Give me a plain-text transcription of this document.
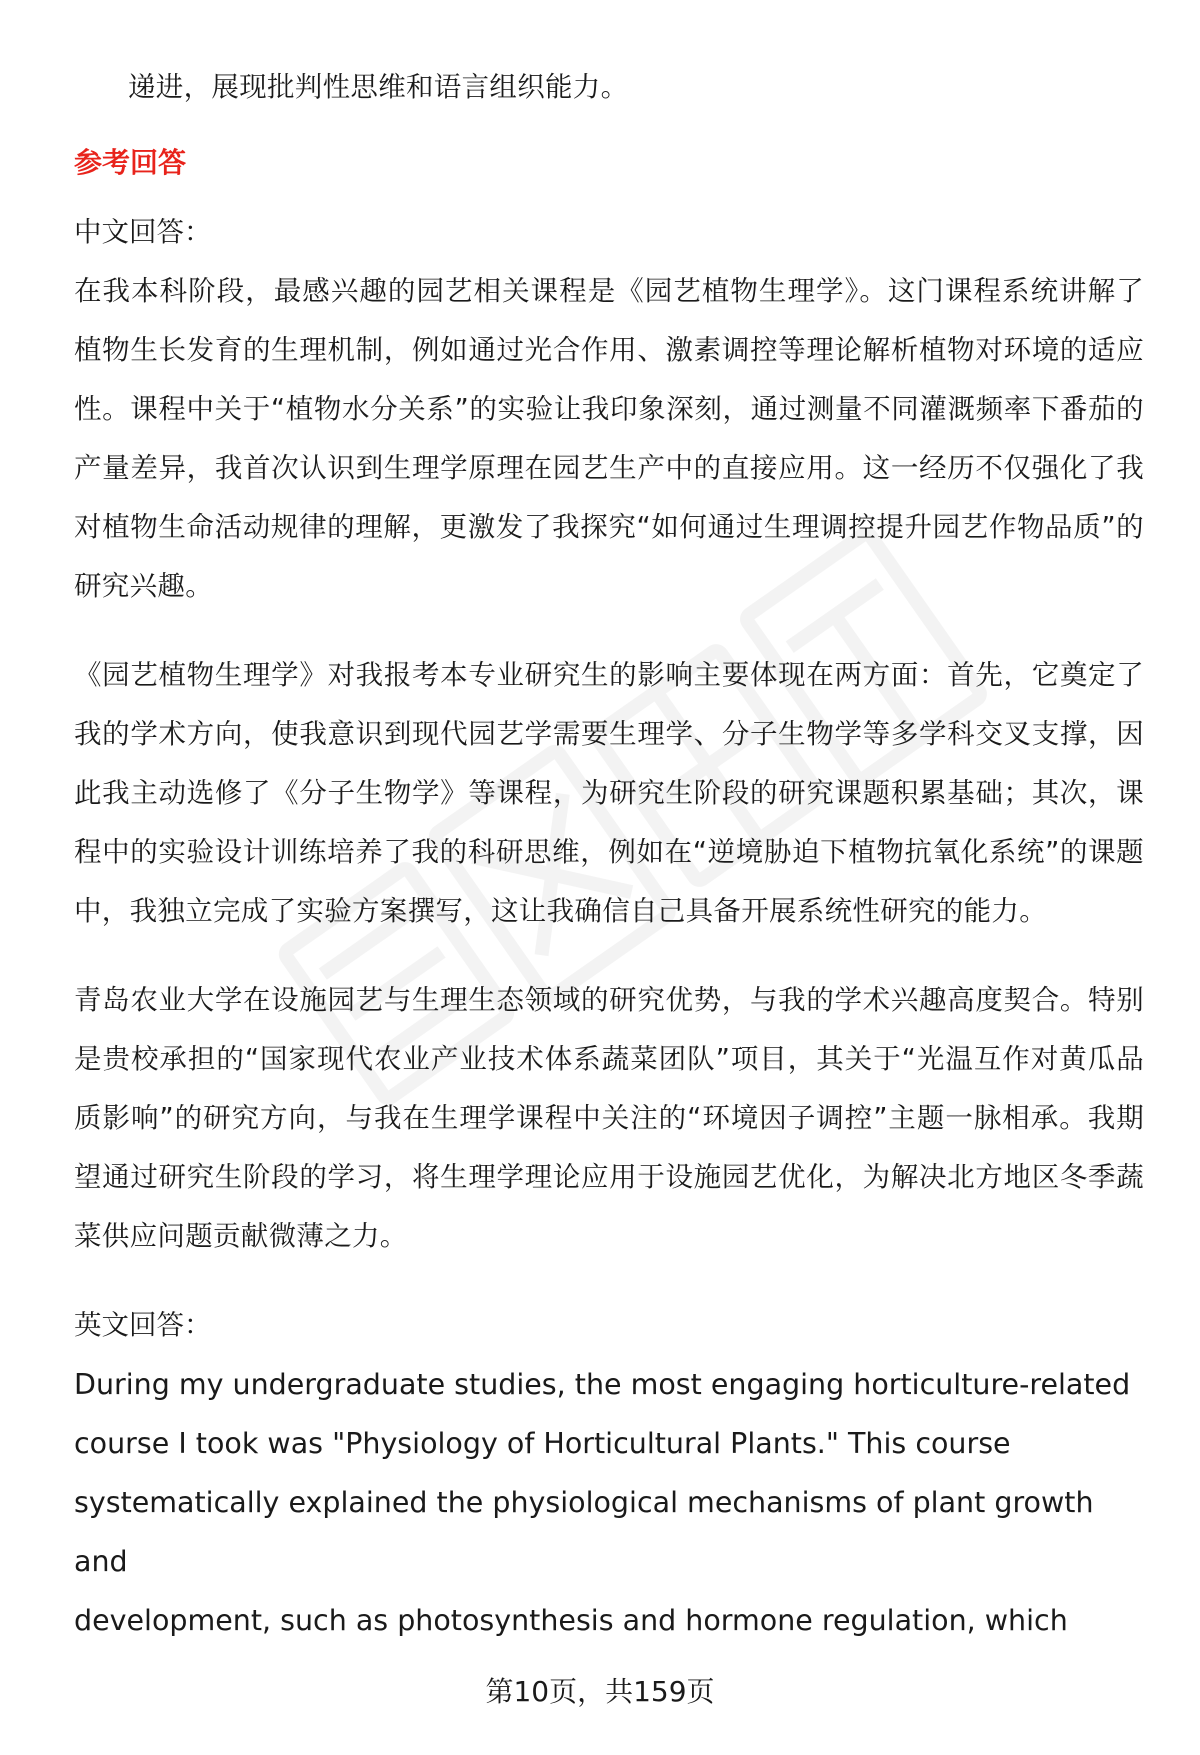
递进，展现批判性思维和语言组织能力。

参考回答

中文回答：

在我本科阶段，最感兴趣的园艺相关课程是《园艺植物生理学》。这门课程系统讲解了植物生长发育的生理机制，例如通过光合作用、激素调控等理论解析植物对环境的适应性。课程中关于“植物水分关系”的实验让我印象深刻，通过测量不同灌溉频率下番茄的产量差异，我首次认识到生理学原理在园艺生产中的直接应用。这一经历不仅强化了我对植物生命活动规律的理解，更激发了我探究“如何通过生理调控提升园艺作物品质”的研究兴趣。

《园艺植物生理学》对我报考本专业研究生的影响主要体现在两方面：首先，它奠定了我的学术方向，使我意识到现代园艺学需要生理学、分子生物学等多学科交叉支撑，因此我主动选修了《分子生物学》等课程，为研究生阶段的研究课题积累基础；其次，课程中的实验设计训练培养了我的科研思维，例如在“逆境胁迫下植物抗氧化系统”的课题中，我独立完成了实验方案撰写，这让我确信自己具备开展系统性研究的能力。

青岛农业大学在设施园艺与生理生态领域的研究优势，与我的学术兴趣高度契合。特别是贵校承担的“国家现代农业产业技术体系蔬菜团队”项目，其关于“光温互作对黄瓜品质影响”的研究方向，与我在生理学课程中关注的“环境因子调控”主题一脉相承。我期望通过研究生阶段的学习，将生理学理论应用于设施园艺优化，为解决北方地区冬季蔬菜供应问题贡献微薄之力。

英文回答：

During my undergraduate studies, the most engaging horticulture-related

course I took was "Physiology of Horticultural Plants." This course

systematically explained the physiological mechanisms of plant growth and

development, such as photosynthesis and hormone regulation, which

第10页，共159页
